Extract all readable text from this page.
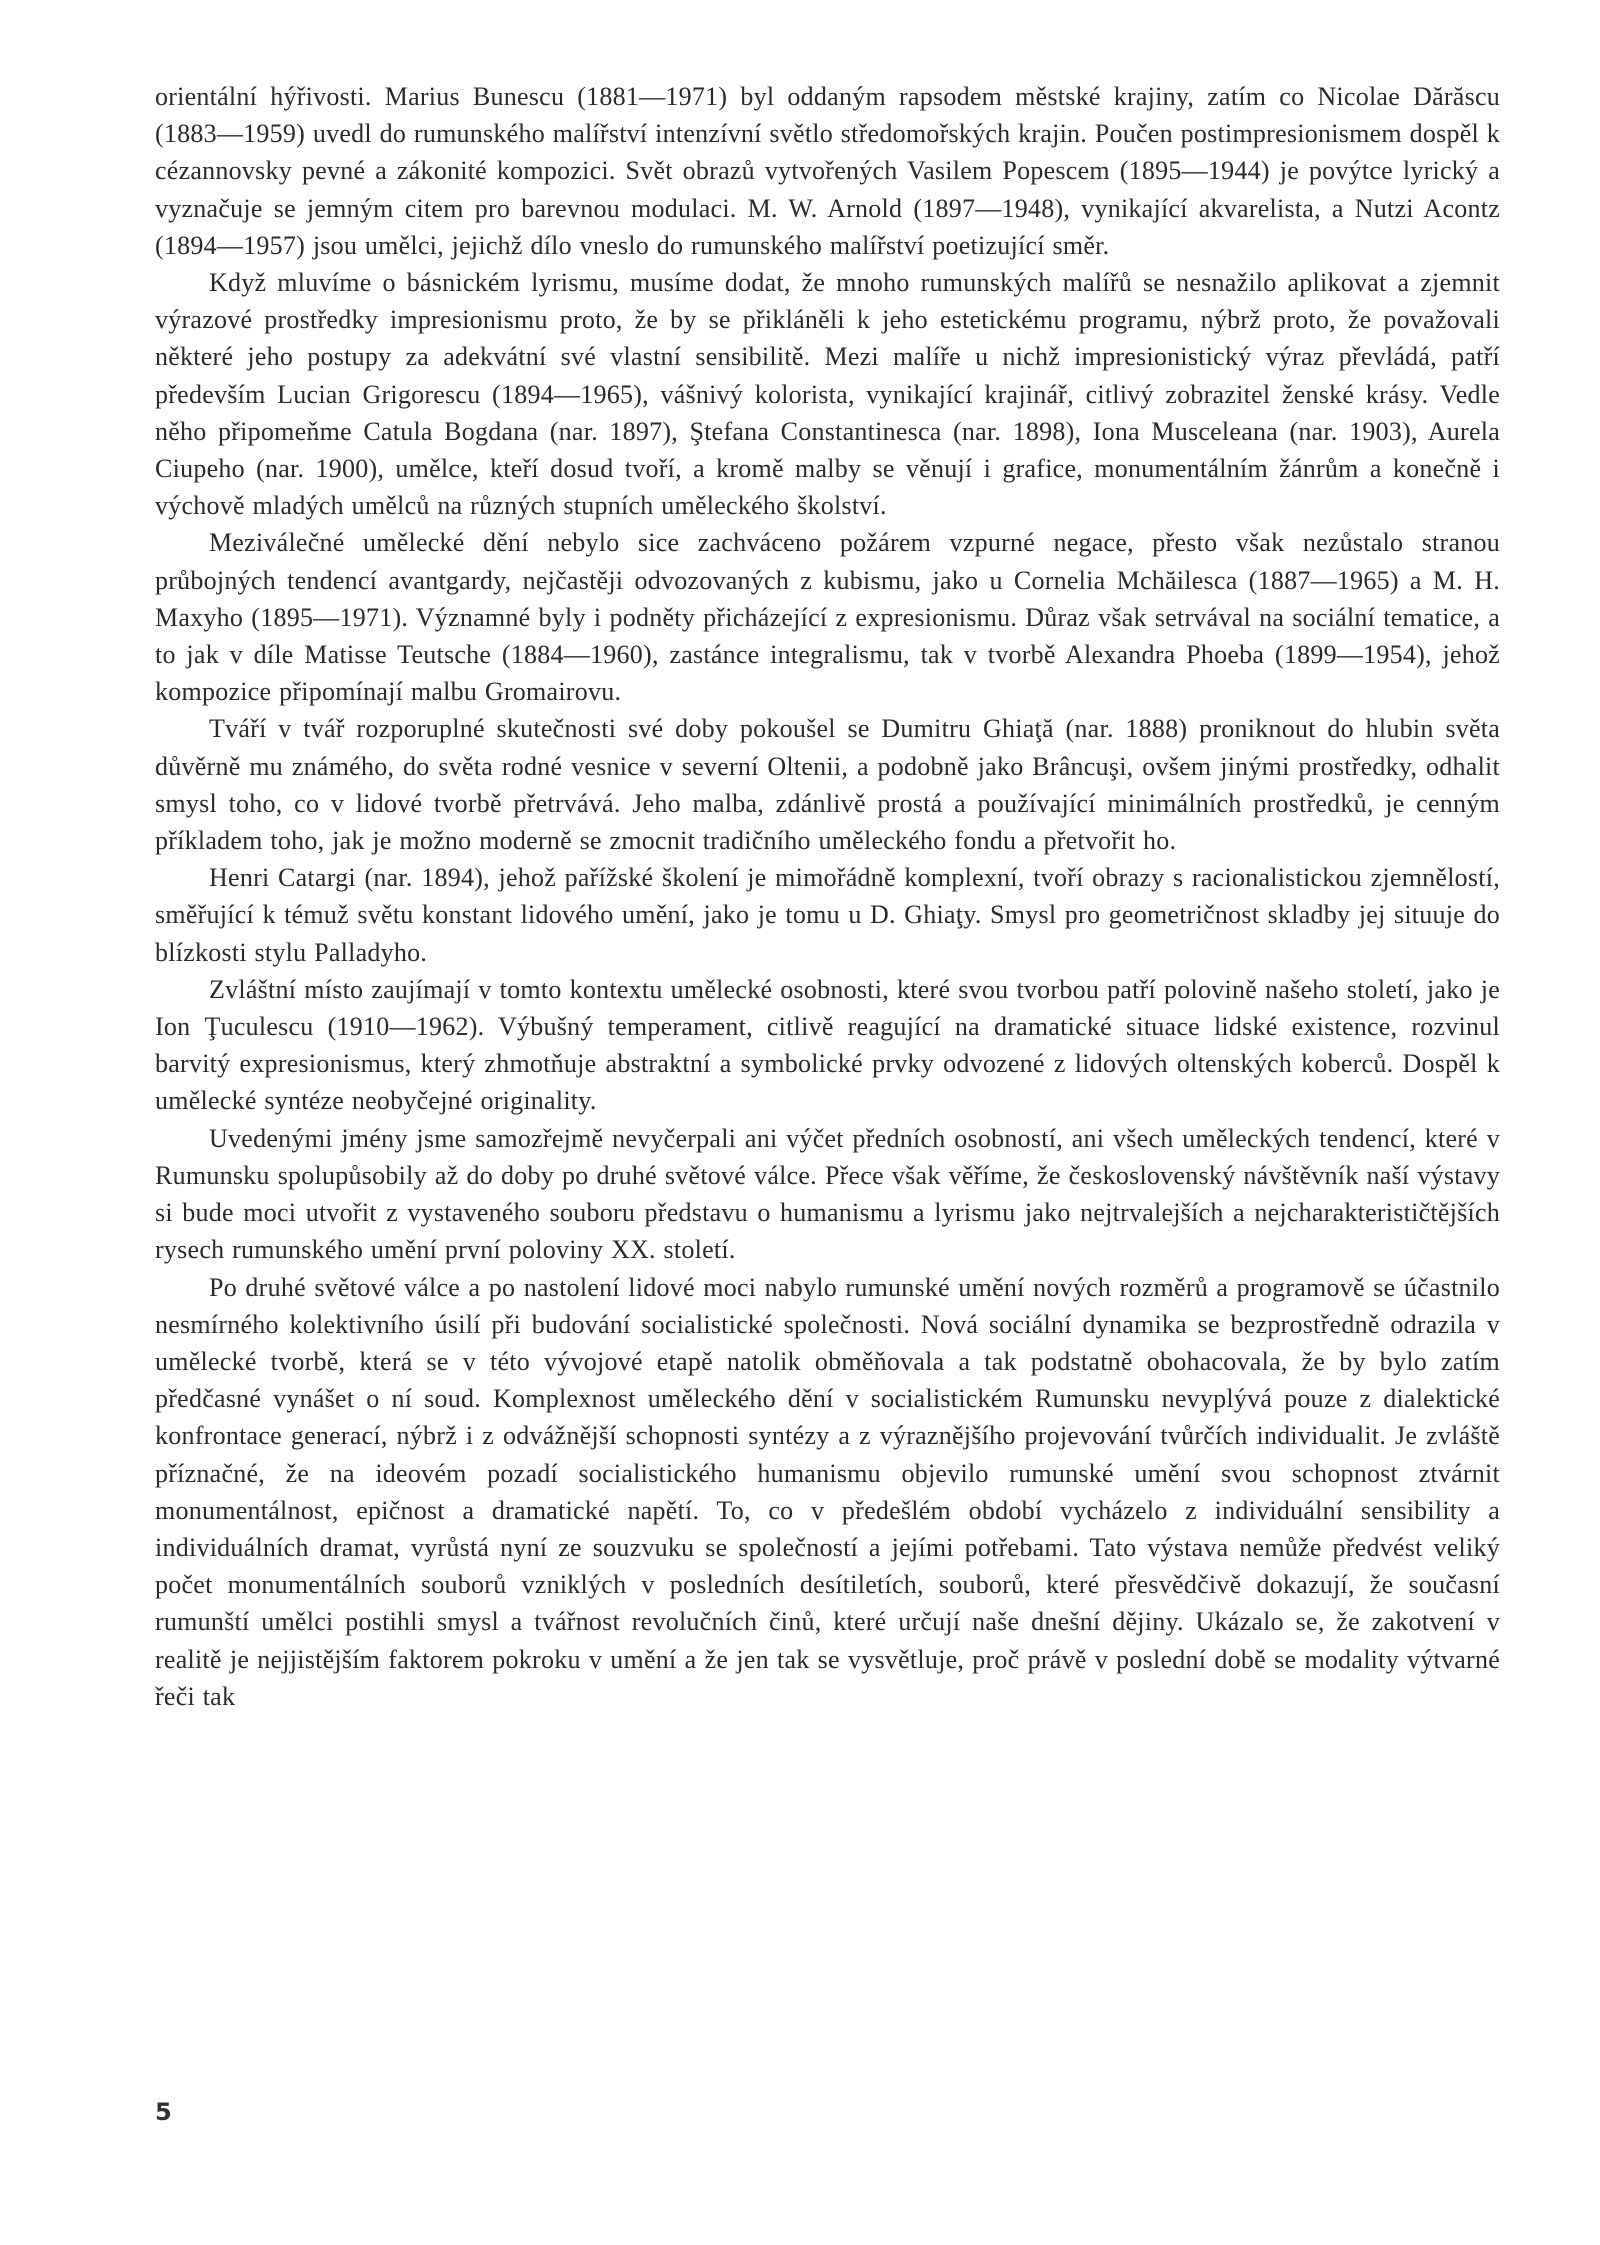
orientální hýřivosti. Marius Bunescu (1881—1971) byl oddaným rapsodem městské krajiny, zatím co Nicolae Dărăscu (1883—1959) uvedl do rumunského malířství intenzívní světlo středomořských krajin. Poučen postimpresionismem dospěl k cézannovsky pevné a zákonité kompozici. Svět obrazů vytvořených Vasilem Popescem (1895—1944) je povýtce lyrický a vyznačuje se jemným citem pro barevnou modulaci. M. W. Arnold (1897—1948), vynikající akvarelista, a Nutzi Acontz (1894—1957) jsou umělci, jejichž dílo vneslo do rumunského malířství poetizující směr.

Když mluvíme o básnickém lyrismu, musíme dodat, že mnoho rumunských malířů se nesnažilo aplikovat a zjemnit výrazové prostředky impresionismu proto, že by se přikláněli k jeho estetickému programu, nýbrž proto, že považovali některé jeho postupy za adekvátní své vlastní sensibilitě. Mezi malíře u nichž impresionistický výraz převládá, patří především Lucian Grigorescu (1894—1965), vášnivý kolorista, vynikající krajinář, citlivý zobrazitel ženské krásy. Vedle něho připomeňme Catula Bogdana (nar. 1897), Ştefana Constantinesca (nar. 1898), Iona Musceleana (nar. 1903), Aurela Ciupeho (nar. 1900), umělce, kteří dosud tvoří, a kromě malby se věnují i grafice, monumentálním žánrům a konečně i výchově mladých umělců na různých stupních uměleckého školství.

Meziválečné umělecké dění nebylo sice zachváceno požárem vzpurné negace, přesto však nezůstalo stranou průbojných tendencí avantgardy, nejčastěji odvozovaných z kubismu, jako u Cornelia Mchăilesca (1887—1965) a M. H. Maxyho (1895—1971). Významné byly i podněty přicházející z expresionismu. Důraz však setrvával na sociální tematice, a to jak v díle Matisse Teutsche (1884—1960), zastánce integralismu, tak v tvorbě Alexandra Phoeba (1899—1954), jehož kompozice připomínají malbu Gromairovu.

Tváří v tvář rozporuplné skutečnosti své doby pokoušel se Dumitru Ghiaţă (nar. 1888) proniknout do hlubin světa důvěrně mu známého, do světa rodné vesnice v severní Oltenii, a podobně jako Brâncuşi, ovšem jinými prostředky, odhalit smysl toho, co v lidové tvorbě přetrvává. Jeho malba, zdánlivě prostá a používající minimálních prostředků, je cenným příkladem toho, jak je možno moderně se zmocnit tradičního uměleckého fondu a přetvořit ho.

Henri Catargi (nar. 1894), jehož pařížské školení je mimořádně komplexní, tvoří obrazy s racionalistickou zjemnělostí, směřující k témuž světu konstant lidového umění, jako je tomu u D. Ghiaţy. Smysl pro geometričnost skladby jej situuje do blízkosti stylu Palladyho.

Zvláštní místo zaujímají v tomto kontextu umělecké osobnosti, které svou tvorbou patří polovině našeho století, jako je Ion Ţuculescu (1910—1962). Výbušný temperament, citlivě reagující na dramatické situace lidské existence, rozvinul barvitý expresionismus, který zhmotňuje abstraktní a symbolické prvky odvozené z lidových oltenských koberců. Dospěl k umělecké syntéze neobyčejné originality.

Uvedenými jmény jsme samozřejmě nevyčerpali ani výčet předních osobností, ani všech uměleckých tendencí, které v Rumunsku spolupůsobily až do doby po druhé světové válce. Přece však věříme, že československý návštěvník naší výstavy si bude moci utvořit z vystaveného souboru představu o humanismu a lyrismu jako nejtrvalejších a nejcharakterističtějších rysech rumunského umění první poloviny XX. století.

Po druhé světové válce a po nastolení lidové moci nabylo rumunské umění nových rozměrů a programově se účastnilo nesmírného kolektivního úsilí při budování socialistické společnosti. Nová sociální dynamika se bezprostředně odrazila v umělecké tvorbě, která se v této vývojové etapě natolik obměňovala a tak podstatně obohacovala, že by bylo zatím předčasné vynášet o ní soud. Komplexnost uměleckého dění v socialistickém Rumunsku nevyplývá pouze z dialektické konfrontace generací, nýbrž i z odvážnější schopnosti syntézy a z výraznějšího projevování tvůrčích individualit. Je zvláště příznačné, že na ideovém pozadí socialistického humanismu objevilo rumunské umění svou schopnost ztvárnit monumentálnost, epičnost a dramatické napětí. To, co v předešlém období vycházelo z individuální sensibility a individuálních dramat, vyrůstá nyní ze souzvuku se společností a jejími potřebami. Tato výstava nemůže předvést veliký počet monumentálních souborů vzniklých v posledních desítiletích, souborů, které přesvědčivě dokazují, že současní rumunští umělci postihli smysl a tvářnost revolučních činů, které určují naše dnešní dějiny. Ukázalo se, že zakotvení v realitě je nejjistějším faktorem pokroku v umění a že jen tak se vysvětluje, proč právě v poslední době se modality výtvarné řeči tak

5
